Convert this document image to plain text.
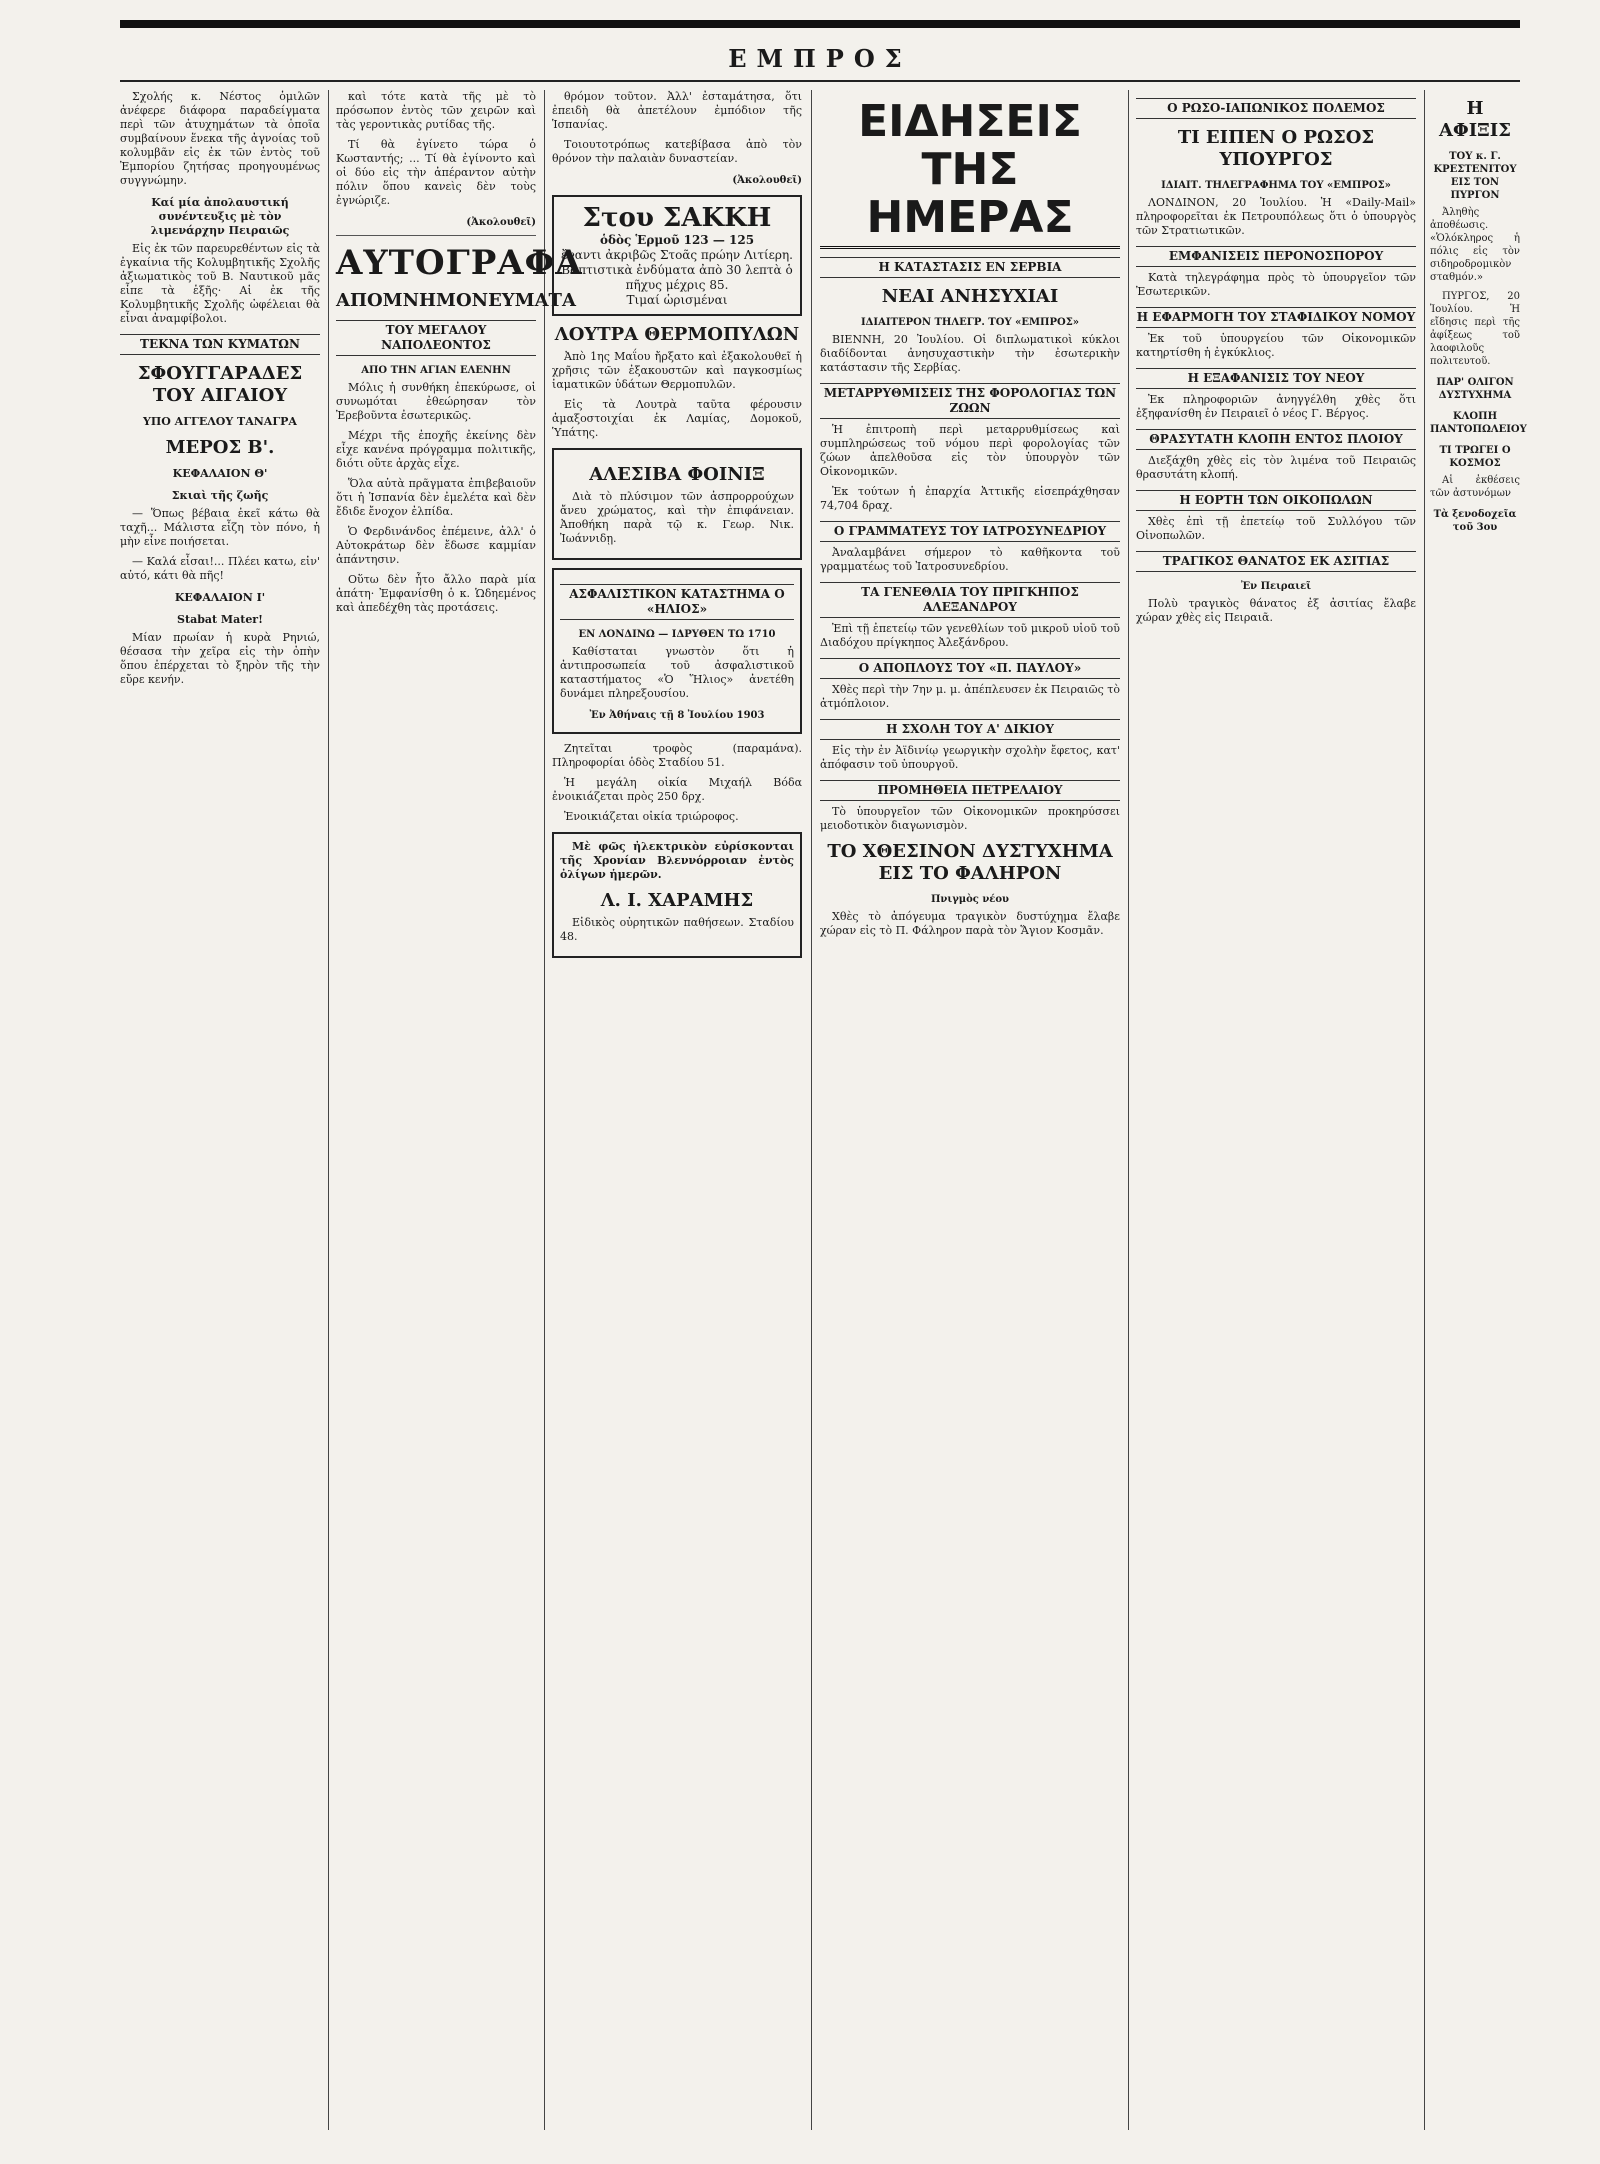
ΕΜΠΡΟΣ

Σχολής κ. Νέστος ὁμιλῶν ἀνέφερε διάφορα παραδείγματα περὶ τῶν ἀτυχημάτων τὰ ὁποῖα συμβαίνουν ἕνεκα τῆς ἀγνοίας τοῦ κολυμβᾶν εἰς ἐκ τῶν ἐντὸς τοῦ Ἐμπορίου ζητήσας προηγουμένως συγγνώμην.

Καί μία ἀπολαυστική συνέντευξις μὲ τὸν λιμενάρχην Πειραιῶς

Εἰς ἐκ τῶν παρευρεθέντων εἰς τὰ ἐγκαίνια τῆς Κολυμβητικῆς Σχολῆς ἀξιωματικὸς τοῦ Β. Ναυτικοῦ μᾶς εἶπε τὰ ἑξῆς· Αἱ ἐκ τῆς Κολυμβητικῆς Σχολῆς ὠφέλειαι θὰ εἶναι ἀναμφίβολοι.

ΤΕΚΝΑ ΤΩΝ ΚΥΜΑΤΩΝ
ΣΦΟΥΓΓΑΡΑΔΕΣ ΤΟΥ ΑΙΓΑΙΟΥ
ΥΠΟ ΑΓΓΕΛΟΥ ΤΑΝΑΓΡΑ
ΜΕΡΟΣ Β'.
ΚΕΦΑΛΑΙΟΝ Θ'
Σκιαὶ τῆς ζωῆς

— Ὅπως βέβαια ἐκεῖ κάτω θὰ ταχῆ... Μάλιστα εἶζη τὸν πόνο, ἡ μὴν εἶνε ποιήσεται.

— Καλά εἶσαι!... Πλέει κατω, εἰν' αὐτό, κάτι θὰ πῆς!

ΚΕΦΑΛΑΙΟΝ Ι'
Stabat Mater!

Μίαν πρωίαν ἡ κυρὰ Ρηνιώ, θέσασα τὴν χεῖρα εἰς τὴν ὀπὴν ὅπου ἐπέρχεται τὸ ξηρὸν τῆς τὴν εὔρε κενήν.

καὶ τότε κατὰ τῆς μὲ τὸ πρόσωπον ἐντὸς τῶν χειρῶν καὶ τὰς γεροντικὰς ρυτίδας τῆς.

Τί θὰ ἐγίνετο τώρα ὁ Κωσταντής; ... Τί θὰ ἐγίνοντο καὶ οἱ δύο εἰς τὴν ἀπέραντον αὐτὴν πόλιν ὅπου κανεὶς δὲν τοὺς ἐγνώριζε.

(Ἀκολουθεῖ)
ΑΥΤΟΓΡΑΦΑ
ΑΠΟΜΝΗΜΟΝΕΥΜΑΤΑ
ΤΟΥ ΜΕΓΑΛΟΥ ΝΑΠΟΛΕΟΝΤΟΣ
ΑΠΟ ΤΗΝ ΑΓΙΑΝ ΕΛΕΝΗΝ

Μόλις ἡ συνθήκη ἐπεκύρωσε, οἱ συνωμόται ἐθεώρησαν τὸν Ἐρεβοῦντα ἐσωτερικῶς.

Μέχρι τῆς ἐποχῆς ἐκείνης δὲν εἶχε κανένα πρόγραμμα πολιτικῆς, διότι οὔτε ἀρχὰς εἶχε.

Ὅλα αὐτὰ πρᾶγματα ἐπιβεβαιοῦν ὅτι ἡ Ἱσπανία δὲν ἐμελέτα καὶ δὲν ἔδιδε ἔνοχον ἐλπίδα.

Ὁ Φερδινάνδος ἐπέμεινε, ἀλλ' ὁ Αὐτοκράτωρ δὲν ἔδωσε καμμίαν ἀπάντησιν.

Οὕτω δὲν ἦτο ἄλλο παρὰ μία ἀπάτη· Ἐμφανίσθη ὁ κ. Ὡδηεμένος καὶ ἀπεδέχθη τὰς προτάσεις.

θρόμον τοῦτον. Ἀλλ' ἐσταμάτησα, ὅτι ἐπειδὴ θὰ ἀπετέλουν ἐμπόδιον τῆς Ἱσπανίας.

Τοιουτοτρόπως κατεβίβασα ἀπὸ τὸν θρόνον τὴν παλαιὰν δυναστείαν.

(Ἀκολουθεῖ)
Στου ΣΑΚΚΗ
ὁδὸς Ἑρμοῦ 123 — 125
ἔναντι ἀκριβῶς Στοᾶς πρώην Λιτίερη. Βαπτιστικὰ ἐνδύματα ἀπὸ 30 λεπτὰ ὁ πῆχυς μέχρις 85.
Τιμαί ὡρισμέναι
ΛΟΥΤΡΑ ΘΕΡΜΟΠΥΛΩΝ

Ἀπὸ 1ης Μαΐου ἤρξατο καὶ ἐξακολουθεῖ ἡ χρῆσις τῶν ἐξακουστῶν καὶ παγκοσμίως ἰαματικῶν ὑδάτων Θερμοπυλῶν.

Εἰς τὰ Λουτρὰ ταῦτα φέρουσιν ἀμαξοστοιχίαι ἐκ Λαμίας, Δομοκοῦ, Ὑπάτης.

ΑΛΕΣΙΒΑ ΦΟΙΝΙΞ

Διὰ τὸ πλύσιμον τῶν ἀσπρορρούχων ἄνευ χρώματος, καὶ τὴν ἐπιφάνειαν. Ἀποθήκη παρὰ τῷ κ. Γεωρ. Νικ. Ἰωάννιδῃ.

ΑΣΦΑΛΙΣΤΙΚΟΝ ΚΑΤΑΣΤΗΜΑ Ο «ΗΛΙΟΣ»
ΕΝ ΛΟΝΔΙΝΩ — ΙΔΡΥΘΕΝ ΤΩ 1710

Καθίσταται γνωστὸν ὅτι ἡ ἀντιπροσωπεία τοῦ ἀσφαλιστικοῦ καταστήματος «Ὁ Ἥλιος» ἀνετέθη δυνάμει πληρεξουσίου.

Ἐν Ἀθήναις τῇ 8 Ἰουλίου 1903

Ζητεῖται τροφὸς (παραμάνα). Πληροφορίαι ὁδὸς Σταδίου 51.

Ἡ μεγάλη οἰκία Μιχαήλ Βόδα ἐνοικιάζεται πρὸς 250 δρχ.

Ἐνοικιάζεται οἰκία τριώροφος.

Μὲ φῶς ἠλεκτρικὸν εὐρίσκονται τῆς Χρονίαν Βλεννόρροιαν ἐντὸς ὀλίγων ἡμερῶν.

Λ. Ι. ΧΑΡΑΜΗΣ

Εἰδικὸς οὐρητικῶν παθήσεων. Σταδίου 48.

ΕΙΔΗΣΕΙΣ ΤΗΣ ΗΜΕΡΑΣ
Η ΚΑΤΑΣΤΑΣΙΣ ΕΝ ΣΕΡΒΙΑ
ΝΕΑΙ ΑΝΗΣΥΧΙΑΙ
ΙΔΙΑΙΤΕΡΟΝ ΤΗΛΕΓΡ. ΤΟΥ «ΕΜΠΡΟΣ»

ΒΙΕΝΝΗ, 20 Ἰουλίου. Οἱ διπλωματικοὶ κύκλοι διαδίδονται ἀνησυχαστικὴν τὴν ἐσωτερικὴν κατάστασιν τῆς Σερβίας.

ΜΕΤΑΡΡΥΘΜΙΣΕΙΣ ΤΗΣ ΦΟΡΟΛΟΓΙΑΣ ΤΩΝ ΖΩΩΝ

Ἡ ἐπιτροπὴ περὶ μεταρρυθμίσεως καὶ συμπληρώσεως τοῦ νόμου περὶ φορολογίας τῶν ζώων ἀπελθοῦσα εἰς τὸν ὑπουργὸν τῶν Οἰκονομικῶν.

Ἐκ τούτων ἡ ἐπαρχία Ἀττικῆς εἰσεπράχθησαν 74,704 δραχ.

Ο ΓΡΑΜΜΑΤΕΥΣ ΤΟΥ ΙΑΤΡΟΣΥΝΕΔΡΙΟΥ

Ἀναλαμβάνει σήμερον τὸ καθῆκοντα τοῦ γραμματέως τοῦ Ἰατροσυνεδρίου.

ΤΑ ΓΕΝΕΘΛΙΑ ΤΟΥ ΠΡΙΓΚΗΠΟΣ ΑΛΕΞΑΝΔΡΟΥ

Ἐπὶ τῇ ἐπετείῳ τῶν γενεθλίων τοῦ μικροῦ υἱοῦ τοῦ Διαδόχου πρίγκηπος Ἀλεξάνδρου.

Ο ΑΠΟΠΛΟΥΣ ΤΟΥ «Π. ΠΑΥΛΟΥ»

Χθὲς περὶ τὴν 7ην μ. μ. ἀπέπλευσεν ἐκ Πειραιῶς τὸ ἀτμόπλοιον.

Η ΣΧΟΛΗ ΤΟΥ Α' ΔΙΚΙΟΥ

Εἰς τὴν ἐν Ἀϊδινίῳ γεωργικὴν σχολὴν ἔφετος, κατ' ἀπόφασιν τοῦ ὑπουργοῦ.

ΠΡΟΜΗΘΕΙΑ ΠΕΤΡΕΛΑΙΟΥ

Τὸ ὑπουργεῖον τῶν Οἰκονομικῶν προκηρύσσει μειοδοτικὸν διαγωνισμὸν.

ΤΟ ΧΘΕΣΙΝΟΝ ΔΥΣΤΥΧΗΜΑ ΕΙΣ ΤΟ ΦΑΛΗΡΟΝ
Πνιγμὸς νέου

Χθὲς τὸ ἀπόγευμα τραγικὸν δυστύχημα ἔλαβε χώραν εἰς τὸ Π. Φάληρον παρὰ τὸν Ἅγιον Κοσμᾶν.

Ο ΡΩΣΟ-ΙΑΠΩΝΙΚΟΣ ΠΟΛΕΜΟΣ
ΤΙ ΕΙΠΕΝ Ο ΡΩΣΟΣ ΥΠΟΥΡΓΟΣ
ΙΔΙΑΙΤ. ΤΗΛΕΓΡΑΦΗΜΑ ΤΟΥ «ΕΜΠΡΟΣ»

ΛΟΝΔΙΝΟΝ, 20 Ἰουλίου. Ἡ «Daily-Mail» πληροφορεῖται ἐκ Πετρουπόλεως ὅτι ὁ ὑπουργὸς τῶν Στρατιωτικῶν.

ΕΜΦΑΝΙΣΕΙΣ ΠΕΡΟΝΟΣΠΟΡΟΥ

Κατὰ τηλεγράφημα πρὸς τὸ ὑπουργεῖον τῶν Ἐσωτερικῶν.

Η ΕΦΑΡΜΟΓΗ ΤΟΥ ΣΤΑΦΙΔΙΚΟΥ ΝΟΜΟΥ

Ἐκ τοῦ ὑπουργείου τῶν Οἰκονομικῶν κατηρτίσθη ἡ ἐγκύκλιος.

Η ΕΞΑΦΑΝΙΣΙΣ ΤΟΥ ΝΕΟΥ

Ἐκ πληροφοριῶν ἀνηγγέλθη χθὲς ὅτι ἐξηφανίσθη ἐν Πειραιεῖ ὁ νέος Γ. Βέργος.

ΘΡΑΣΥΤΑΤΗ ΚΛΟΠΗ ΕΝΤΟΣ ΠΛΟΙΟΥ

Διεξάχθη χθὲς εἰς τὸν λιμένα τοῦ Πειραιῶς θρασυτάτη κλοπή.

Η ΕΟΡΤΗ ΤΩΝ ΟΙΚΟΠΩΛΩΝ

Χθὲς ἐπὶ τῇ ἐπετείῳ τοῦ Συλλόγου τῶν Οἰνοπωλῶν.

ΤΡΑΓΙΚΟΣ ΘΑΝΑΤΟΣ ΕΚ ΑΣΙΤΙΑΣ
Ἐν Πειραιεῖ

Πολὺ τραγικὸς θάνατος ἐξ ἀσιτίας ἔλαβε χώραν χθὲς εἰς Πειραιᾶ.

Η ΑΦΙΞΙΣ
ΤΟΥ κ. Γ. ΚΡΕΣΤΕΝΙΤΟΥ ΕΙΣ ΤΟΝ ΠΥΡΓΟΝ

Ἀληθὴς ἀποθέωσις. «Ὁλόκληρος ἡ πόλις εἰς τὸν σιδηροδρομικὸν σταθμόν.»

ΠΥΡΓΟΣ, 20 Ἰουλίου. Ἡ εἴδησις περὶ τῆς ἀφίξεως τοῦ λαοφιλοῦς πολιτευτοῦ.

ΠΑΡ' ΟΛΙΓΟΝ ΔΥΣΤΥΧΗΜΑ
ΚΛΟΠΗ ΠΑΝΤΟΠΩΛΕΙΟΥ
ΤΙ ΤΡΩΓΕΙ Ο ΚΟΣΜΟΣ

Αἱ ἐκθέσεις τῶν ἀστυνόμων

Τὰ ξενοδοχεῖα τοῦ 3ου
